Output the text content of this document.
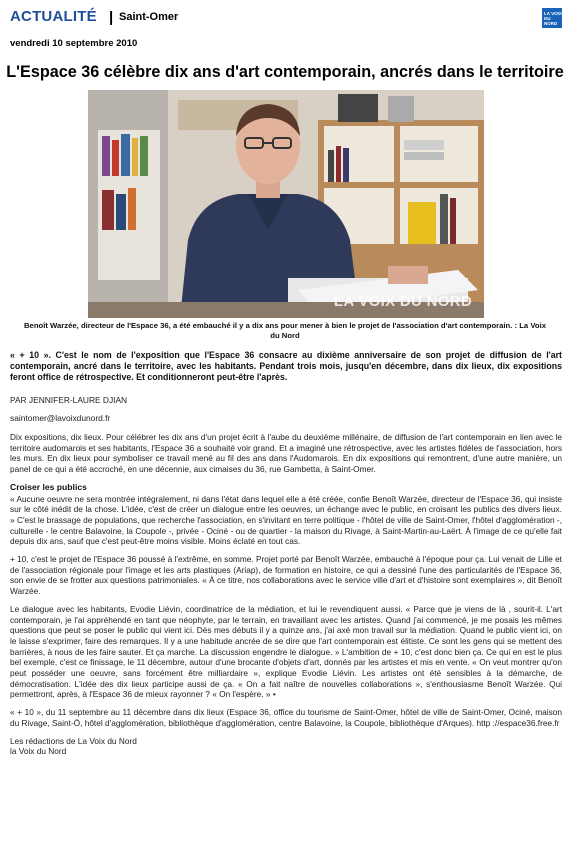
ACTUALITÉ | Saint-Omer	LA VOIX
DU
NORD
vendredi 10 septembre 2010
L'Espace 36 célèbre dix ans d'art contemporain, ancrés dans le territoire
LA VOIX DU NORD
Benoît Warzée, directeur de l'Espace 36, a été embauché il y a dix ans pour mener à bien le projet de l'association d'art contemporain. : La Voix du Nord
« + 10 ». C'est le nom de l'exposition que l'Espace 36 consacre au dixième anniversaire de son projet de diffusion de l'art contemporain, ancré dans le territoire, avec les habitants. Pendant trois mois, jusqu'en décembre, dans dix lieux, dix expositions feront office de rétrospective. Et conditionneront peut-être l'après.
PAR JENNIFER-LAURE DJIAN
saintomer@lavoixdunord.fr

Dix expositions, dix lieux. Pour célébrer les dix ans d'un projet écrit à l'aube du deuxième millénaire, de diffusion de l'art contemporain en lien avec le territoire audomarois et ses habitants, l'Espace 36 a souhaité voir grand. Et a imaginé une rétrospective, avec les artistes fidèles de l'association, hors les murs. En dix lieux pour symboliser ce travail mené au fil des ans dans l'Audomarois. En dix expositions qui remontrent, d'une autre manière, un panel de ce qui a été accroché, en une décennie, aux cimaises du 36, rue Gambetta, à Saint-Omer.

Croiser les publics

« Aucune oeuvre ne sera montrée intégralement, ni dans l'état dans lequel elle a été créée, confie Benoît Warzée, directeur de l'Espace 36, qui insiste sur le côté inédit de la chose. L'idée, c'est de créer un dialogue entre les oeuvres, un échange avec le public, en croisant les publics des divers lieux. » C'est le brassage de populations, que recherche l'association, en s'invitant en terre politique - l'hôtel de ville de Saint-Omer, l'hôtel d'agglomération -, culturelle - le centre Balavoine, la Coupole -, privée - Ociné - ou de quartier - la maison du Rivage, à Saint-Martin-au-Laërt. À l'image de ce qu'elle fait depuis dix ans, sauf que c'est peut-être moins visible. Moins éclaté en tout cas.

+ 10, c'est le projet de l'Espace 36 poussé à l'extrême, en somme. Projet porté par Benoît Warzée, embauché à l'époque pour ça. Lui venait de Lille et de l'association régionale pour l'image et les arts plastiques (Ariap), de formation en histoire, ce qui a dessiné l'une des particularités de l'Espace 36, son envie de se frotter aux questions patrimoniales. « À ce titre, nos collaborations avec le service ville d'art et d'histoire sont exemplaires », dit Benoît Warzée.

Le dialogue avec les habitants, Evodie Liévin, coordinatrice de la médiation, et lui le revendiquent aussi. « Parce que je viens de là , sourit-il. L'art contemporain, je l'ai appréhendé en tant que néophyte, par le terrain, en travaillant avec les artistes. Quand j'ai commencé, je me posais les mêmes questions que peut se poser le public qui vient ici. Dès mes débuts il y a quinze ans, j'ai axé mon travail sur la médiation. Quand le public vient ici, on le laisse s'exprimer, faire des remarques. Il y a une habitude ancrée de se dire que l'art contemporain est élitiste. Ce sont les gens qui se mettent des barrières, à nous de les faire sauter. Et ça marche. La discussion engendre le dialogue. » L'ambition de + 10, c'est donc bien ça. Ce qui en est le plus bel exemple, c'est ce finissage, le 11 décembre, autour d'une brocante d'objets d'art, donnés par les artistes et mis en vente. « On veut montrer qu'on peut posséder une oeuvre, sans forcément être milliardaire », explique Evodie Liévin. Les artistes ont été sensibles à la démarche, de démocratisation. L'idée des dix lieux participe aussi de ça. « On a fait naître de nouvelles collaborations », s'enthousiasme Benoît Warzée. Qui permettront, après, à l'Espace 36 de mieux rayonner ? « On l'espère. » •

« + 10 », du 11 septembre au 11 décembre dans dix lieux (Espace 36, office du tourisme de Saint-Omer, hôtel de ville de Saint-Omer, Ociné, maison du Rivage, Saint-Ö, hôtel d'agglomération, bibliothèque d'agglomération, centre Balavoine, la Coupole, bibliothèque d'Arques). http ://espace36.free.fr

Les rédactions de La Voix du Nord

la Voix du Nord
